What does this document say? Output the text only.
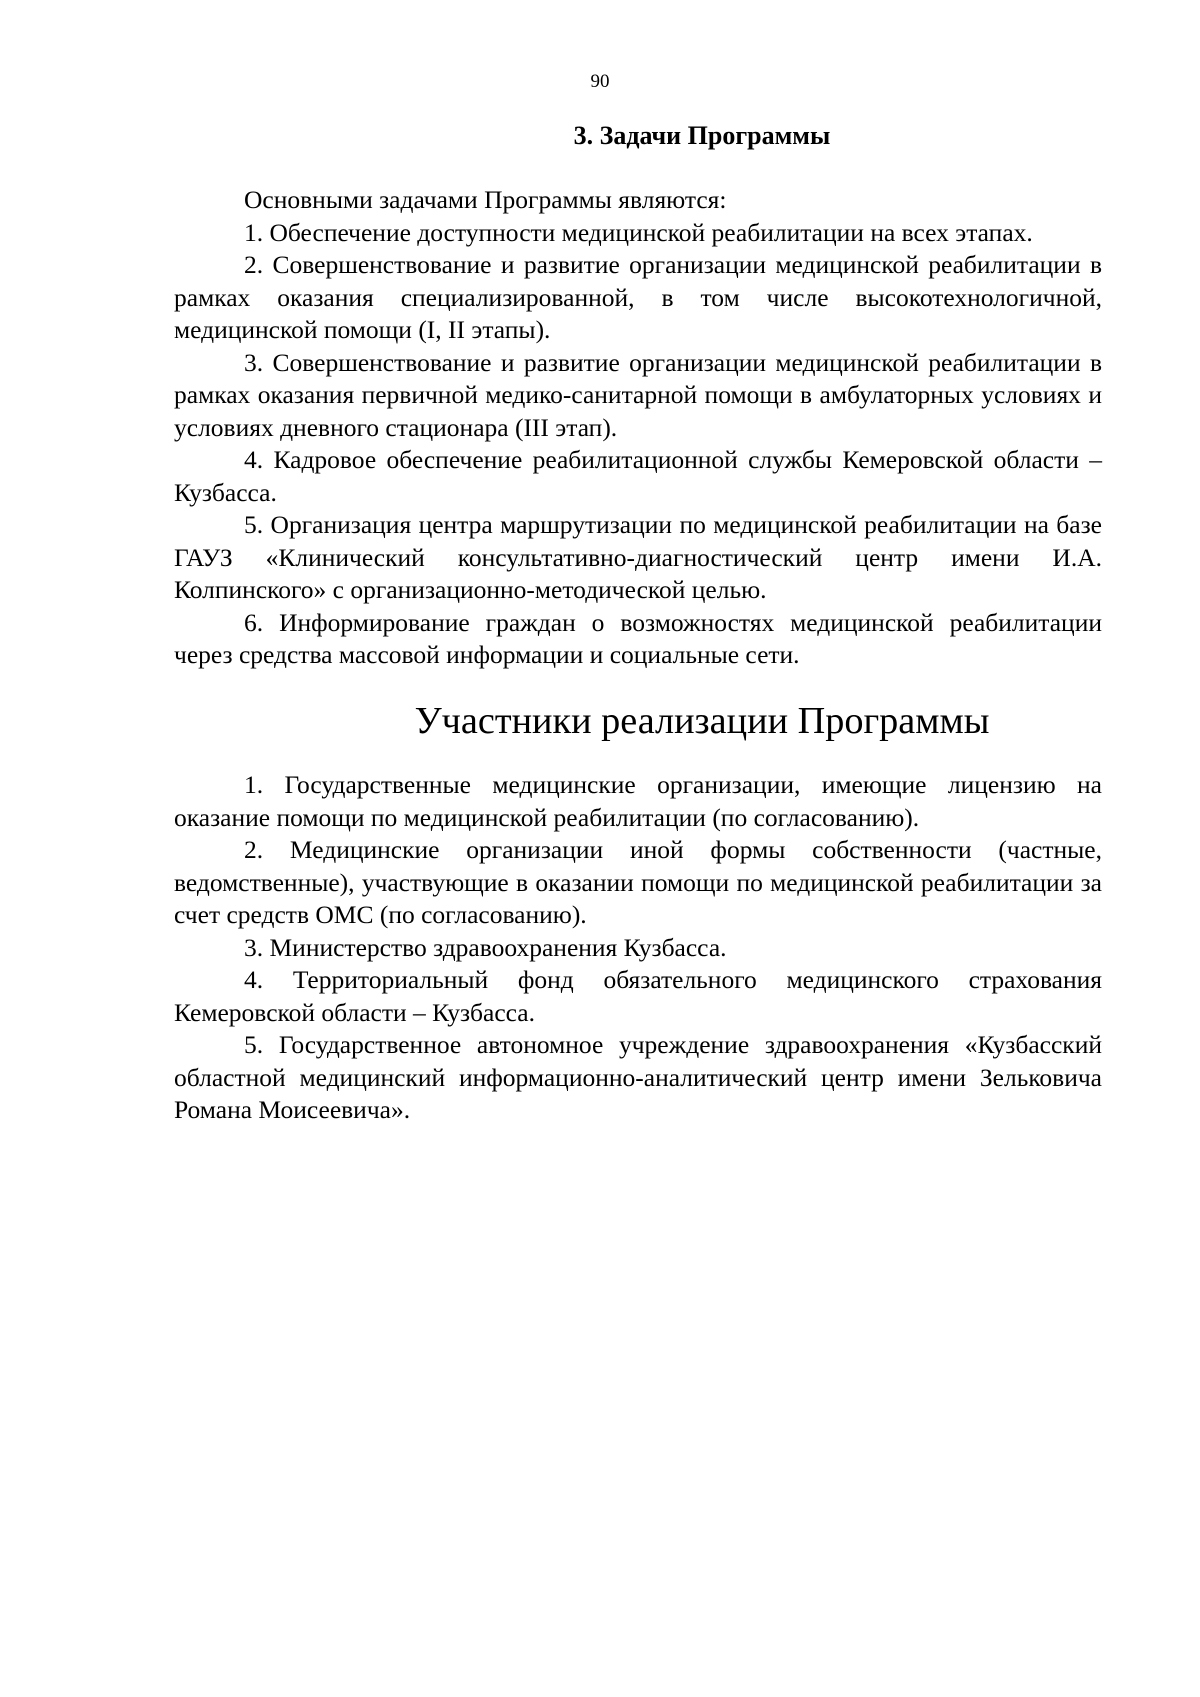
90
3. Задачи Программы

Основными задачами Программы являются:

1. Обеспечение доступности медицинской реабилитации на всех этапах.

2. Совершенствование и развитие организации медицинской реабилитации в рамках оказания специализированной, в том числе высокотехнологичной, медицинской помощи (I, II этапы).

3. Совершенствование и развитие организации медицинской реабилитации в рамках оказания первичной медико-санитарной помощи в амбулаторных условиях и условиях дневного стационара (III этап).

4. Кадровое обеспечение реабилитационной службы Кемеровской области – Кузбасса.

5. Организация центра маршрутизации по медицинской реабилитации на базе ГАУЗ «Клинический консультативно-диагностический центр имени И.А. Колпинского» с организационно-методической целью.

6. Информирование граждан о возможностях медицинской реабилитации через средства массовой информации и социальные сети.

Участники реализации Программы

1. Государственные медицинские организации, имеющие лицензию на оказание помощи по медицинской реабилитации (по согласованию).

2. Медицинские организации иной формы собственности (частные, ведомственные), участвующие в оказании помощи по медицинской реабилитации за счет средств ОМС (по согласованию).

3. Министерство здравоохранения Кузбасса.

4. Территориальный фонд обязательного медицинского страхования Кемеровской области – Кузбасса.

5. Государственное автономное учреждение здравоохранения «Кузбасский областной медицинский информационно-аналитический центр имени Зельковича Романа Моисеевича».
